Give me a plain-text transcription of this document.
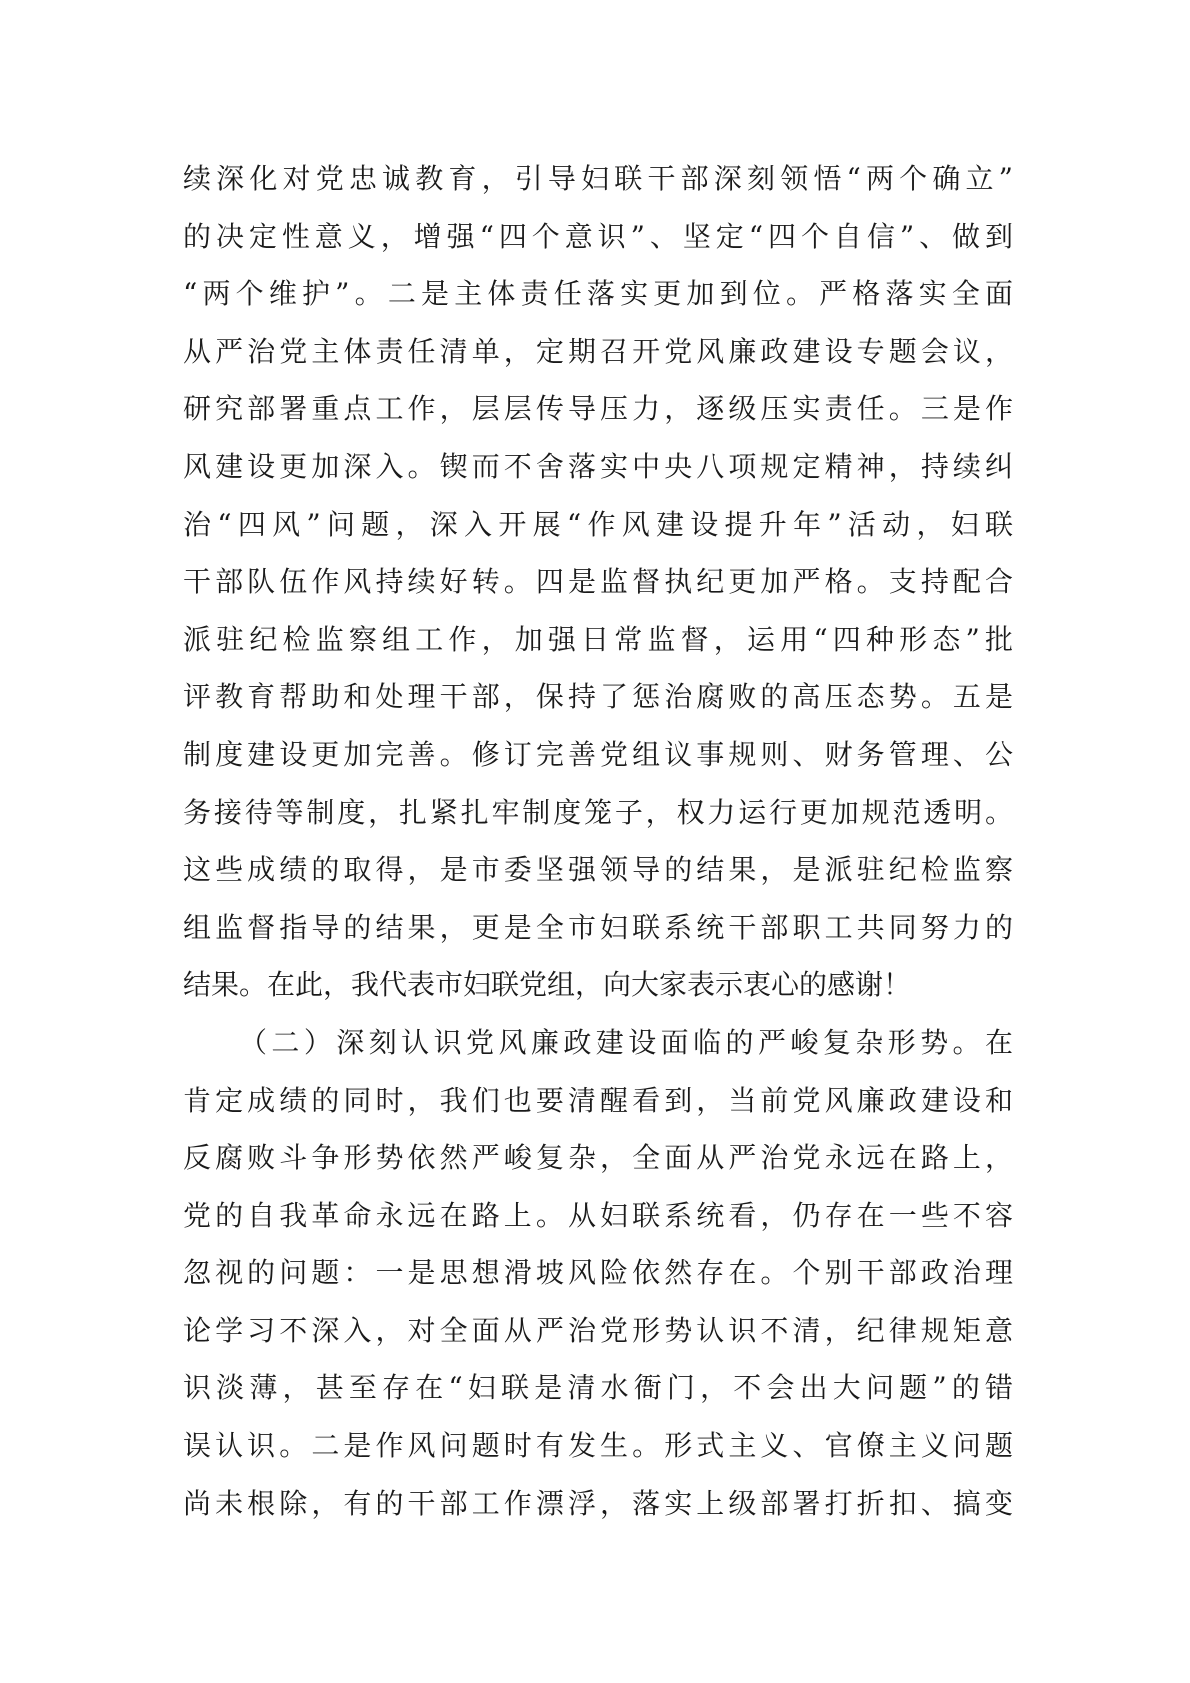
续深化对党忠诚教育，引导妇联干部深刻领悟“两个确立”
的决定性意义，增强“四个意识”、坚定“四个自信”、做到
“两个维护”。二是主体责任落实更加到位。严格落实全面
从严治党主体责任清单，定期召开党风廉政建设专题会议，
研究部署重点工作，层层传导压力，逐级压实责任。三是作
风建设更加深入。锲而不舍落实中央八项规定精神，持续纠
治“四风”问题，深入开展“作风建设提升年”活动，妇联
干部队伍作风持续好转。四是监督执纪更加严格。支持配合
派驻纪检监察组工作，加强日常监督，运用“四种形态”批
评教育帮助和处理干部，保持了惩治腐败的高压态势。五是
制度建设更加完善。修订完善党组议事规则、财务管理、公
务接待等制度，扎紧扎牢制度笼子，权力运行更加规范透明。
这些成绩的取得，是市委坚强领导的结果，是派驻纪检监察
组监督指导的结果，更是全市妇联系统干部职工共同努力的
结果。在此，我代表市妇联党组，向大家表示衷心的感谢！
（二）深刻认识党风廉政建设面临的严峻复杂形势。在
肯定成绩的同时，我们也要清醒看到，当前党风廉政建设和
反腐败斗争形势依然严峻复杂，全面从严治党永远在路上，
党的自我革命永远在路上。从妇联系统看，仍存在一些不容
忽视的问题：一是思想滑坡风险依然存在。个别干部政治理
论学习不深入，对全面从严治党形势认识不清，纪律规矩意
识淡薄，甚至存在“妇联是清水衙门，不会出大问题”的错
误认识。二是作风问题时有发生。形式主义、官僚主义问题
尚未根除，有的干部工作漂浮，落实上级部署打折扣、搞变
